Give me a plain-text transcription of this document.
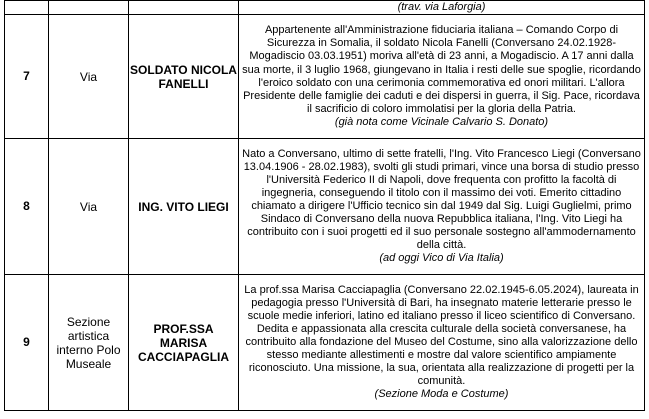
			(trav. via Laforgia)

7	Via	SOLDATO NICOLA FANELLI	Appartenente all'Amministrazione fiduciaria italiana – Comando Corpo di Sicurezza in Somalia, il soldato Nicola Fanelli (Conversano 24.02.1928-Mogadiscio 03.03.1951) moriva all'età di 23 anni, a Mogadiscio. A 17 anni dalla sua morte, il 3 luglio 1968, giungevano in Italia i resti delle sue spoglie, ricordando l'eroico soldato con una cerimonia commemorativa ed onori militari. L'allora Presidente delle famiglie dei caduti e dei dispersi in guerra, il Sig. Pace, ricordava il sacrificio di coloro immolatisi per la gloria della Patria.
(già nota come Vicinale Calvario S. Donato)

8	Via	ING. VITO LIEGI	Nato a Conversano, ultimo di sette fratelli, l'Ing. Vito Francesco Liegi (Conversano 13.04.1906 - 28.02.1983), svolti gli studi primari, vince una borsa di studio presso l'Università Federico II di Napoli, dove frequenta con profitto la facoltà di ingegneria, conseguendo il titolo con il massimo dei voti. Emerito cittadino chiamato a dirigere l'Ufficio tecnico sin dal 1949 dal Sig. Luigi Guglielmi, primo Sindaco di Conversano della nuova Repubblica italiana, l'Ing. Vito Liegi ha contribuito con i suoi progetti ed il suo personale sostegno all'ammodernamento della città.
(ad oggi Vico di Via Italia)

9	Sezione artistica interno Polo Museale	PROF.SSA MARISA CACCIAPAGLIA	La prof.ssa Marisa Cacciapaglia (Conversano 22.02.1945-6.05.2024), laureata in pedagogia presso l'Università di Bari, ha insegnato materie letterarie presso le scuole medie inferiori, latino ed italiano presso il liceo scientifico di Conversano. Dedita e appassionata alla crescita culturale della società conversanese, ha contribuito alla fondazione del Museo del Costume, sino alla valorizzazione dello stesso mediante allestimenti e mostre dal valore scientifico ampiamente riconosciuto. Una missione, la sua, orientata alla realizzazione di progetti per la comunità.
(Sezione Moda e Costume)
